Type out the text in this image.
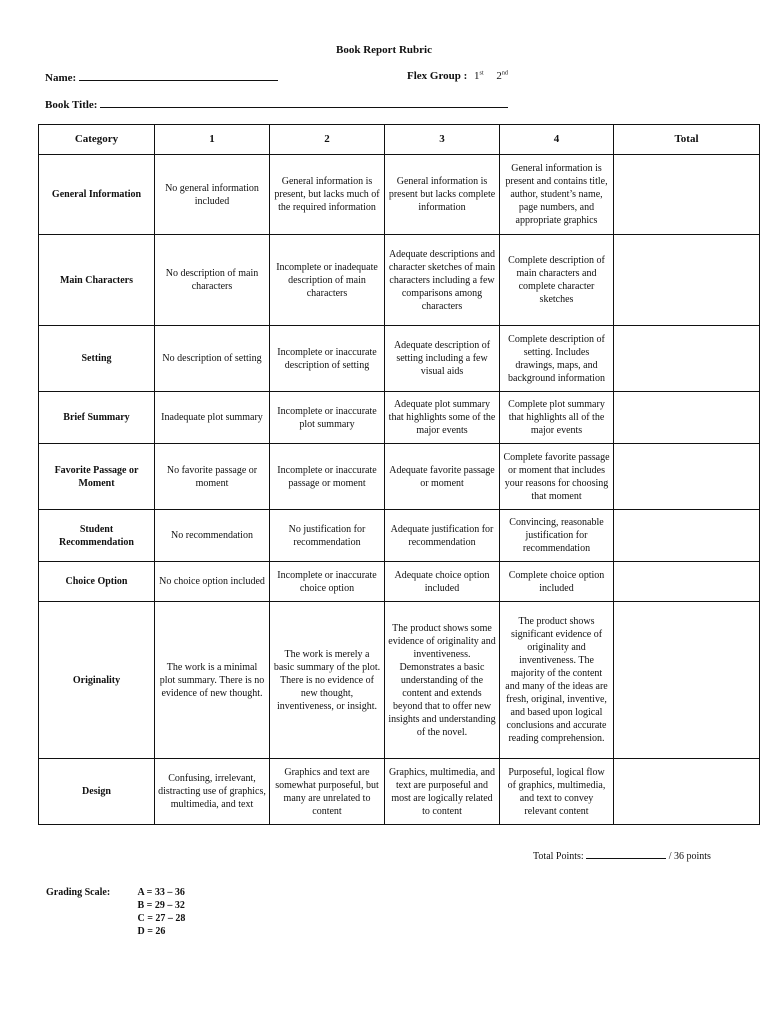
Book Report Rubric
Name:	Flex Group : 1st 2nd
Book Title:
Category	1	2	3	4	Total
General Information	No general information included	General information is present, but lacks much of the required information	General information is present but lacks complete information	General information is present and contains title, author, student’s name, page numbers, and appropriate graphics	
Main Characters	No description of main characters	Incomplete or inadequate description of main characters	Adequate descriptions and character sketches of main characters including a few comparisons among characters	Complete description of main characters and complete character sketches	
Setting	No description of setting	Incomplete or inaccurate description of setting	Adequate description of setting including a few visual aids	Complete description of setting. Includes drawings, maps, and background information	
Brief Summary	Inadequate plot summary	Incomplete or inaccurate plot summary	Adequate plot summary that highlights some of the major events	Complete plot summary that highlights all of the major events	
Favorite Passage or Moment	No favorite passage or moment	Incomplete or inaccurate passage or moment	Adequate favorite passage or moment	Complete favorite passage or moment that includes your reasons for choosing that moment	
Student Recommendation	No recommendation	No justification for recommendation	Adequate justification for recommendation	Convincing, reasonable justification for recommendation	
Choice Option	No choice option included	Incomplete or inaccurate choice option	Adequate choice option included	Complete choice option included	
Originality	The work is a minimal plot summary. There is no evidence of new thought.	The work is merely a basic summary of the plot. There is no evidence of new thought, inventiveness, or insight.	The product shows some evidence of originality and inventiveness. Demonstrates a basic understanding of the content and extends beyond that to offer new insights and understanding of the novel.	The product shows significant evidence of originality and inventiveness. The majority of the content and many of the ideas are fresh, original, inventive, and based upon logical conclusions and accurate reading comprehension.	
Design	Confusing, irrelevant, distracting use of graphics, multimedia, and text	Graphics and text are somewhat purposeful, but many are unrelated to content	Graphics, multimedia, and text are purposeful and most are logically related to content	Purposeful, logical flow of graphics, multimedia, and text to convey relevant content	
Total Points:	/ 36 points
Grading Scale:	A = 33 – 36
B = 29 – 32
C = 27 – 28
D = 26
